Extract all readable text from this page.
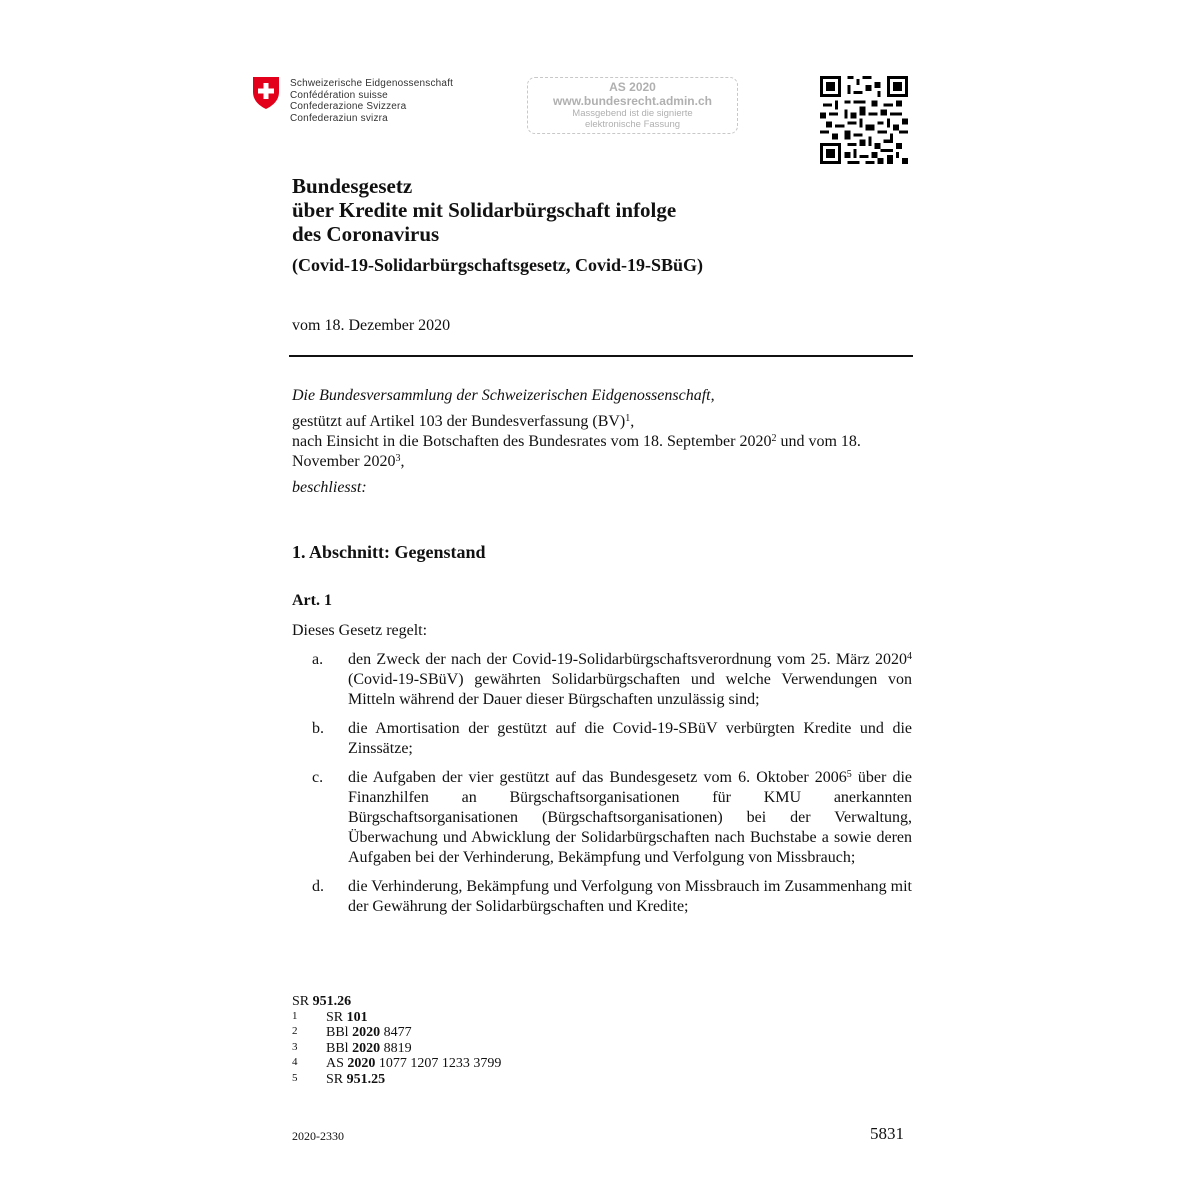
Schweizerische Eidgenossenschaft
Confédération suisse
Confederazione Svizzera
Confederaziun svizra
AS 2020
www.bundesrecht.admin.ch
Massgebend ist die signierte
elektronische Fassung
Bundesgesetz
über Kredite mit Solidarbürgschaft infolge
des Coronavirus
(Covid-19-Solidarbürgschaftsgesetz, Covid-19-SBüG)
vom 18. Dezember 2020

Die Bundesversammlung der Schweizerischen Eidgenossenschaft,

gestützt auf Artikel 103 der Bundesverfassung (BV)$^1$,

nach Einsicht in die Botschaften des Bundesrates vom 18. September 2020$^2$ und vom 18. November 2020$^3$,

beschliesst:

1. Abschnitt: Gegenstand
Art. 1
Dieses Gesetz regelt:
a.	den Zweck der nach der Covid-19-Solidarbürgschaftsverordnung vom 25. März 2020$^4$ (Covid-19-SBüV) gewährten Solidarbürgschaften und welche Verwendungen von Mitteln während der Dauer dieser Bürgschaften unzulässig sind;
b.	die Amortisation der gestützt auf die Covid-19-SBüV verbürgten Kredite und die Zinssätze;
c.	die Aufgaben der vier gestützt auf das Bundesgesetz vom 6. Oktober 2006$^5$ über die Finanzhilfen an Bürgschaftsorganisationen für KMU anerkannten Bürgschaftsorganisationen (Bürgschaftsorganisationen) bei der Verwaltung, Überwachung und Abwicklung der Solidarbürgschaften nach Buchstabe a sowie deren Aufgaben bei der Verhinderung, Bekämpfung und Verfolgung von Missbrauch;
d.	die Verhinderung, Bekämpfung und Verfolgung von Missbrauch im Zusammenhang mit der Gewährung der Solidarbürgschaften und Kredite;
SR 951.26
1	SR 101
2	BBl 2020 8477
3	BBl 2020 8819
4	AS 2020 1077 1207 1233 3799
5	SR 951.25
2020-2330	5831
